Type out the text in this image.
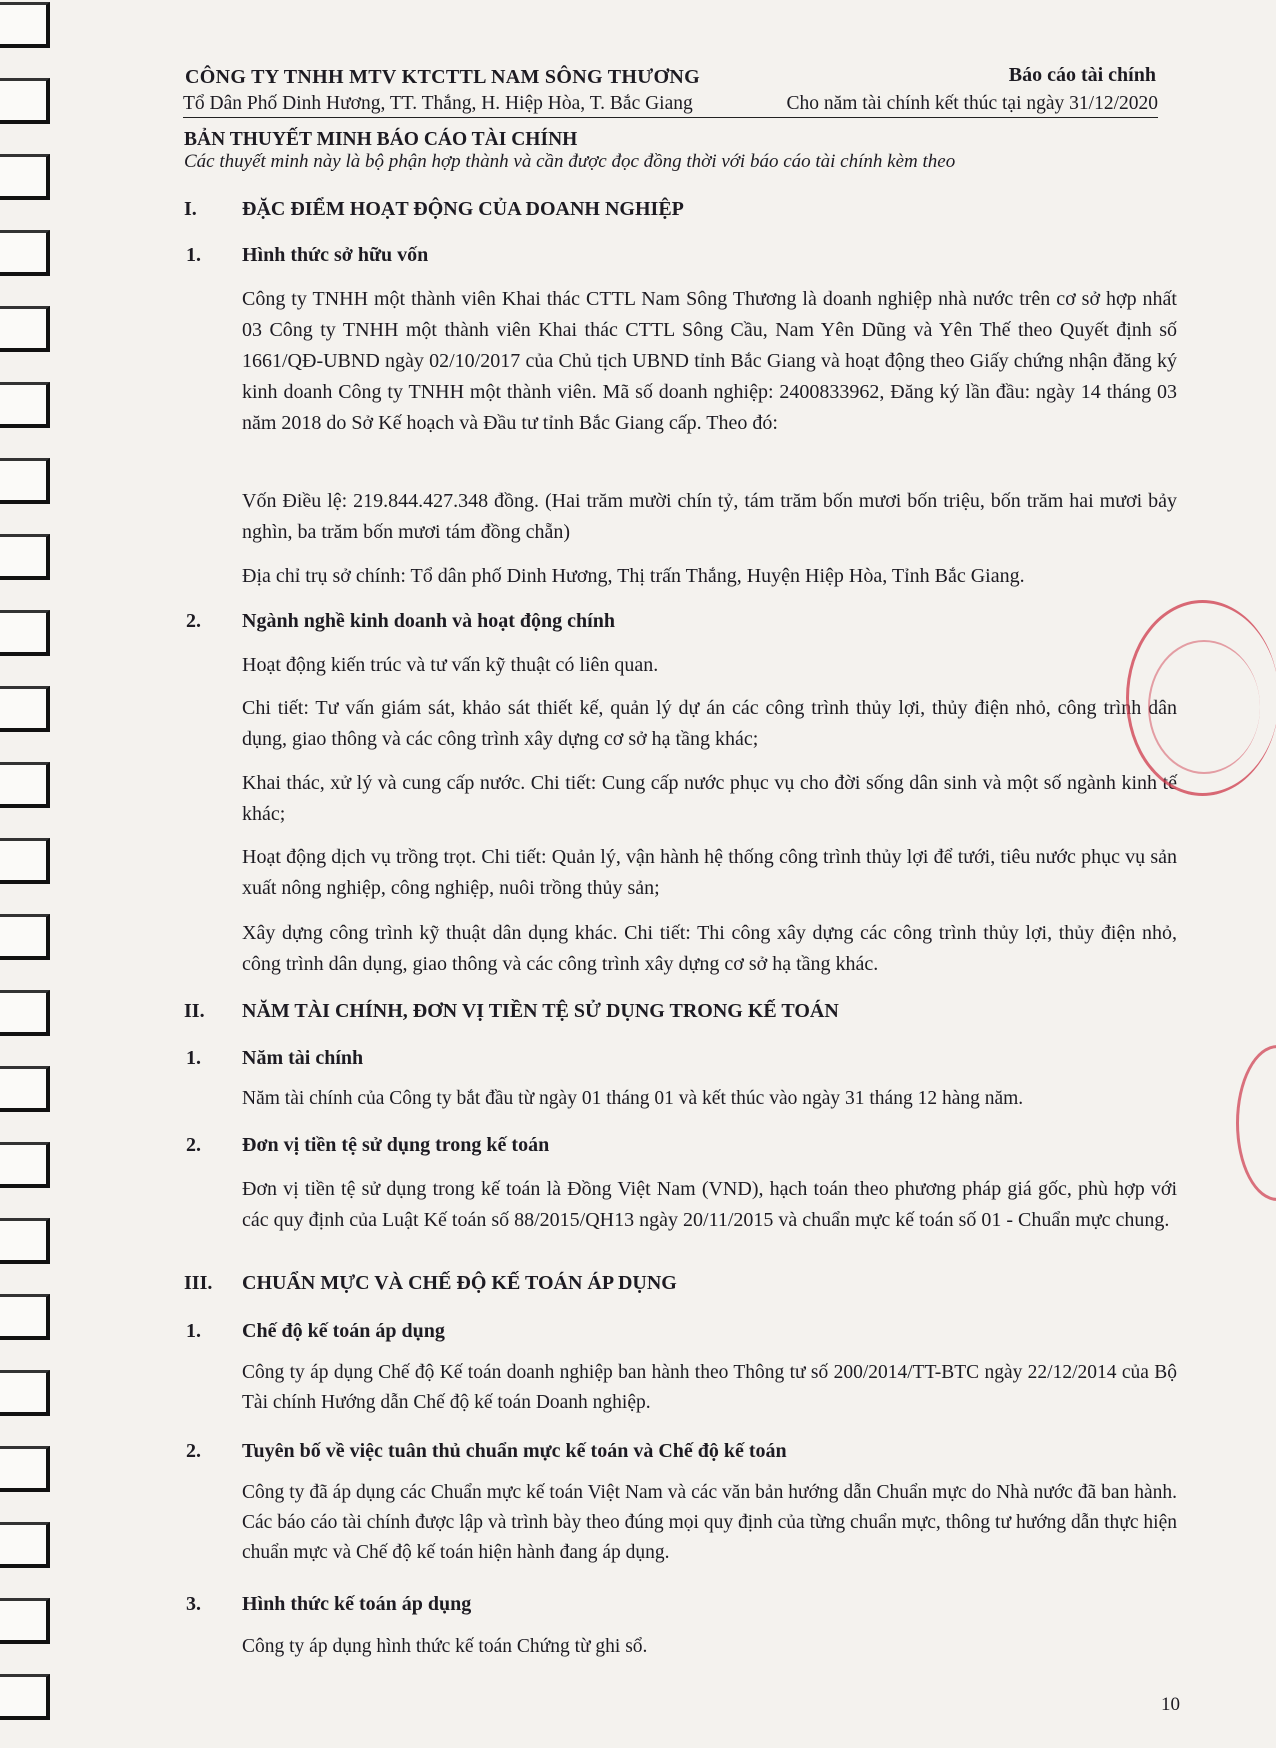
CÔNG TY TNHH MTV KTCTTL NAM SÔNG THƯƠNG
Tổ Dân Phố Dinh Hương, TT. Thắng, H. Hiệp Hòa, T. Bắc Giang
Báo cáo tài chính
Cho năm tài chính kết thúc tại ngày 31/12/2020
BẢN THUYẾT MINH BÁO CÁO TÀI CHÍNH
Các thuyết minh này là bộ phận hợp thành và cần được đọc đồng thời với báo cáo tài chính kèm theo
I. ĐẶC ĐIỂM HOẠT ĐỘNG CỦA DOANH NGHIỆP
1. Hình thức sở hữu vốn
Công ty TNHH một thành viên Khai thác CTTL Nam Sông Thương là doanh nghiệp nhà nước trên cơ sở hợp nhất 03 Công ty TNHH một thành viên Khai thác CTTL Sông Cầu, Nam Yên Dũng và Yên Thế theo Quyết định số 1661/QĐ-UBND ngày 02/10/2017 của Chủ tịch UBND tỉnh Bắc Giang và hoạt động theo Giấy chứng nhận đăng ký kinh doanh Công ty TNHH một thành viên. Mã số doanh nghiệp: 2400833962, Đăng ký lần đầu: ngày 14 tháng 03 năm 2018 do Sở Kế hoạch và Đầu tư tỉnh Bắc Giang cấp. Theo đó:
Vốn Điều lệ: 219.844.427.348 đồng. (Hai trăm mười chín tỷ, tám trăm bốn mươi bốn triệu, bốn trăm hai mươi bảy nghìn, ba trăm bốn mươi tám đồng chẵn)
Địa chỉ trụ sở chính: Tổ dân phố Dinh Hương, Thị trấn Thắng, Huyện Hiệp Hòa, Tỉnh Bắc Giang.
2. Ngành nghề kinh doanh và hoạt động chính
Hoạt động kiến trúc và tư vấn kỹ thuật có liên quan.
Chi tiết: Tư vấn giám sát, khảo sát thiết kế, quản lý dự án các công trình thủy lợi, thủy điện nhỏ, công trình dân dụng, giao thông và các công trình xây dựng cơ sở hạ tầng khác;
Khai thác, xử lý và cung cấp nước. Chi tiết: Cung cấp nước phục vụ cho đời sống dân sinh và một số ngành kinh tế khác;
Hoạt động dịch vụ trồng trọt. Chi tiết: Quản lý, vận hành hệ thống công trình thủy lợi để tưới, tiêu nước phục vụ sản xuất nông nghiệp, công nghiệp, nuôi trồng thủy sản;
Xây dựng công trình kỹ thuật dân dụng khác. Chi tiết: Thi công xây dựng các công trình thủy lợi, thủy điện nhỏ, công trình dân dụng, giao thông và các công trình xây dựng cơ sở hạ tầng khác.
II. NĂM TÀI CHÍNH, ĐƠN VỊ TIỀN TỆ SỬ DỤNG TRONG KẾ TOÁN
1. Năm tài chính
Năm tài chính của Công ty bắt đầu từ ngày 01 tháng 01 và kết thúc vào ngày 31 tháng 12 hàng năm.
2. Đơn vị tiền tệ sử dụng trong kế toán
Đơn vị tiền tệ sử dụng trong kế toán là Đồng Việt Nam (VND), hạch toán theo phương pháp giá gốc, phù hợp với các quy định của Luật Kế toán số 88/2015/QH13 ngày 20/11/2015 và chuẩn mực kế toán số 01 - Chuẩn mực chung.
III. CHUẨN MỰC VÀ CHẾ ĐỘ KẾ TOÁN ÁP DỤNG
1. Chế độ kế toán áp dụng
Công ty áp dụng Chế độ Kế toán doanh nghiệp ban hành theo Thông tư số 200/2014/TT-BTC ngày 22/12/2014 của Bộ Tài chính Hướng dẫn Chế độ kế toán Doanh nghiệp.
2. Tuyên bố về việc tuân thủ chuẩn mực kế toán và Chế độ kế toán
Công ty đã áp dụng các Chuẩn mực kế toán Việt Nam và các văn bản hướng dẫn Chuẩn mực do Nhà nước đã ban hành. Các báo cáo tài chính được lập và trình bày theo đúng mọi quy định của từng chuẩn mực, thông tư hướng dẫn thực hiện chuẩn mực và Chế độ kế toán hiện hành đang áp dụng.
3. Hình thức kế toán áp dụng
Công ty áp dụng hình thức kế toán Chứng từ ghi sổ.
10
